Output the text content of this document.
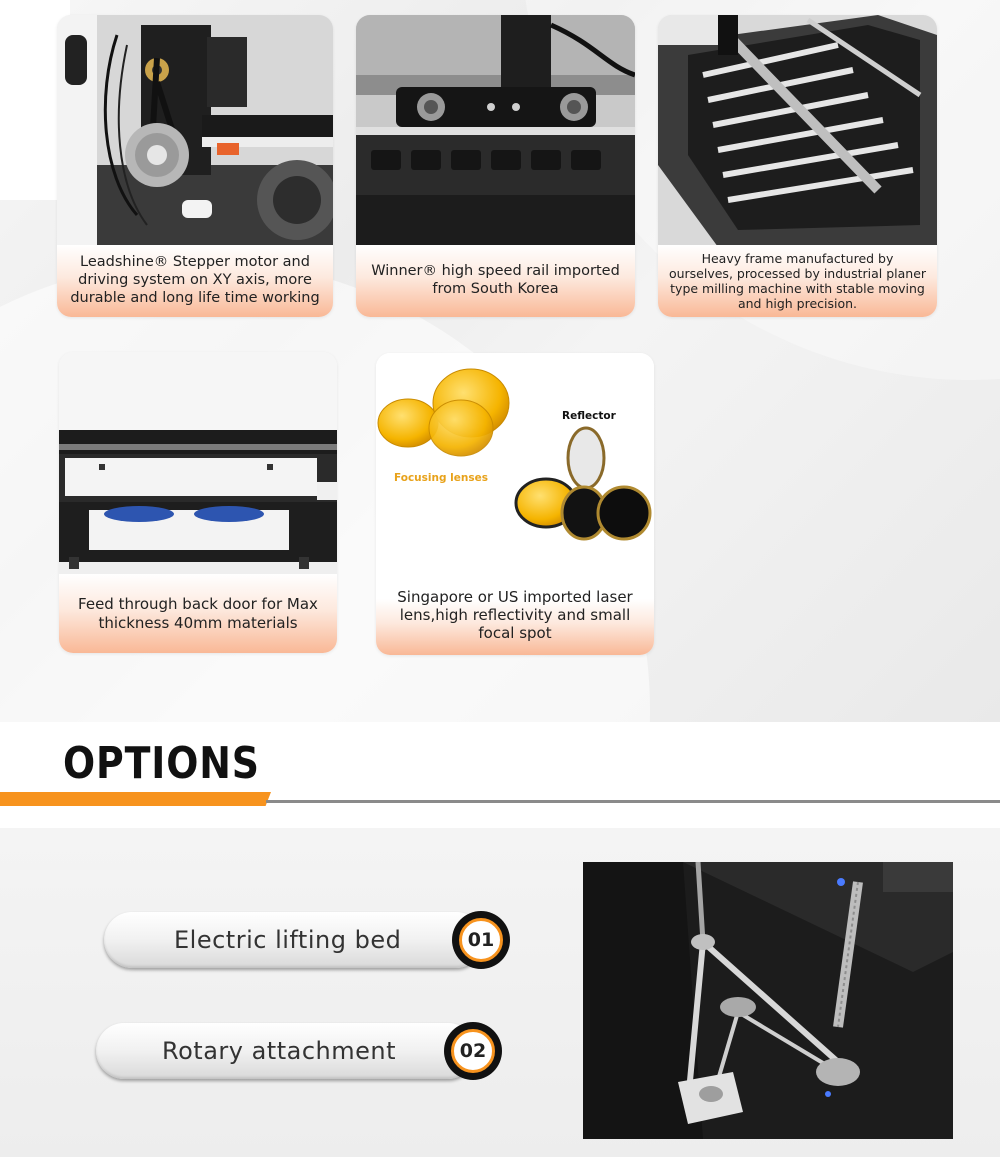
Leadshine® Stepper motor and driving system on XY axis, more durable and long life time working
Winner® high speed rail imported from South Korea
Heavy frame manufactured by ourselves, processed by industrial planer type milling machine with stable moving and high precision.
Feed through back door for Max thickness 40mm materials
Focusing lenses
Reflector
Singapore or US imported laser lens,high reflectivity and small focal spot
OPTIONS
Electric lifting bed	01
Rotary attachment	02
